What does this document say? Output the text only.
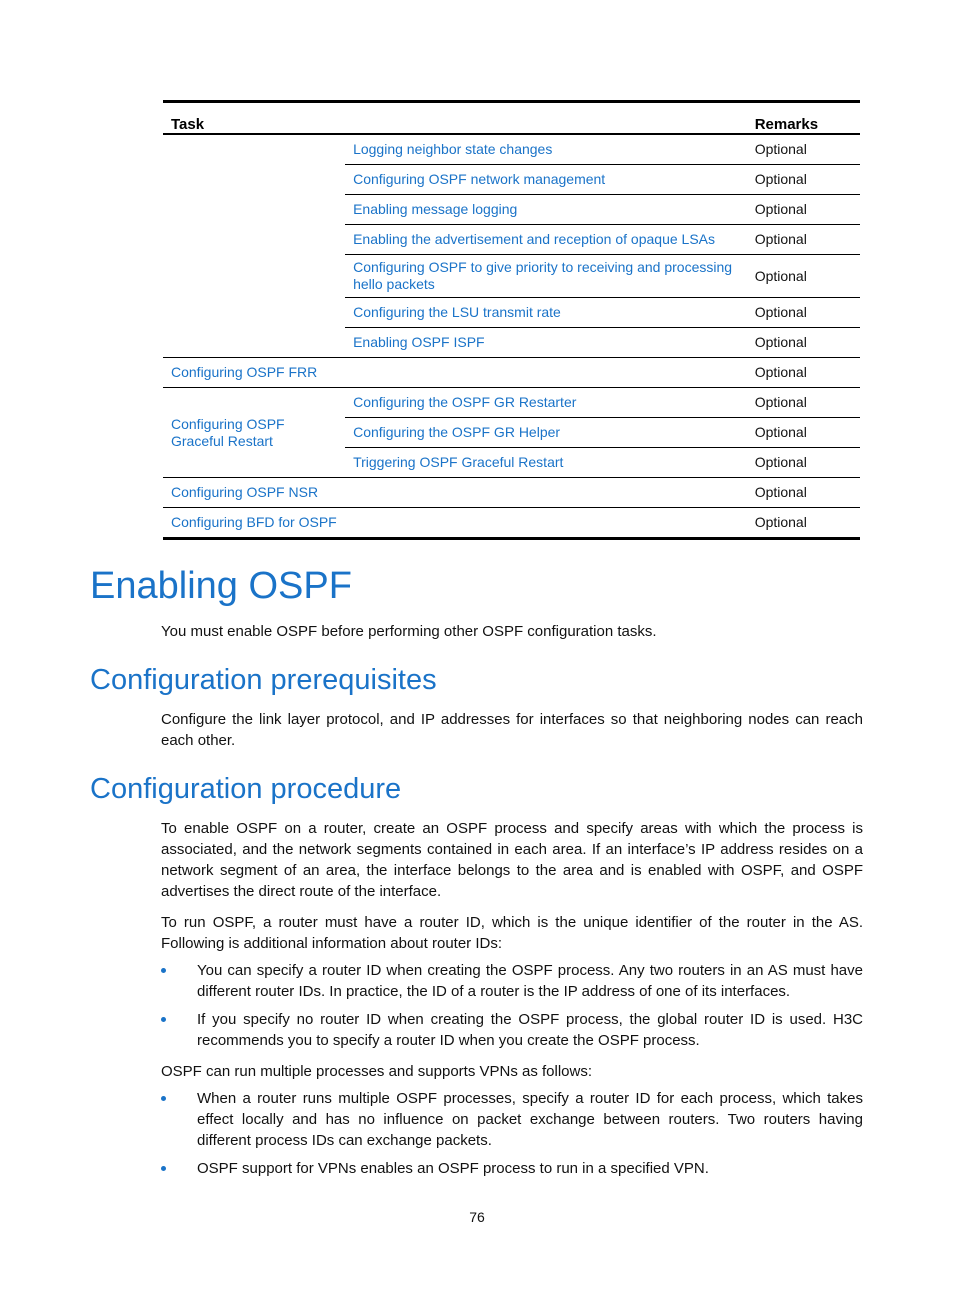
Task		Remarks
	Logging neighbor state changes	Optional
	Configuring OSPF network management	Optional
	Enabling message logging	Optional
	Enabling the advertisement and reception of opaque LSAs	Optional
	Configuring OSPF to give priority to receiving and processing hello packets	Optional
	Configuring the LSU transmit rate	Optional
	Enabling OSPF ISPF	Optional
Configuring OSPF FRR		Optional
Configuring OSPF Graceful Restart	Configuring the OSPF GR Restarter	Optional
	Configuring the OSPF GR Helper	Optional
	Triggering OSPF Graceful Restart	Optional
Configuring OSPF NSR		Optional
Configuring BFD for OSPF		Optional
Enabling OSPF

You must enable OSPF before performing other OSPF configuration tasks.

Configuration prerequisites

Configure the link layer protocol, and IP addresses for interfaces so that neighboring nodes can reach each other.

Configuration procedure

To enable OSPF on a router, create an OSPF process and specify areas with which the process is associated, and the network segments contained in each area. If an interface’s IP address resides on a network segment of an area, the interface belongs to the area and is enabled with OSPF, and OSPF advertises the direct route of the interface.

To run OSPF, a router must have a router ID, which is the unique identifier of the router in the AS. Following is additional information about router IDs:

You can specify a router ID when creating the OSPF process. Any two routers in an AS must have different router IDs. In practice, the ID of a router is the IP address of one of its interfaces.
If you specify no router ID when creating the OSPF process, the global router ID is used. H3C recommends you to specify a router ID when you create the OSPF process.

OSPF can run multiple processes and supports VPNs as follows:

When a router runs multiple OSPF processes, specify a router ID for each process, which takes effect locally and has no influence on packet exchange between routers. Two routers having different process IDs can exchange packets.
OSPF support for VPNs enables an OSPF process to run in a specified VPN.
76
